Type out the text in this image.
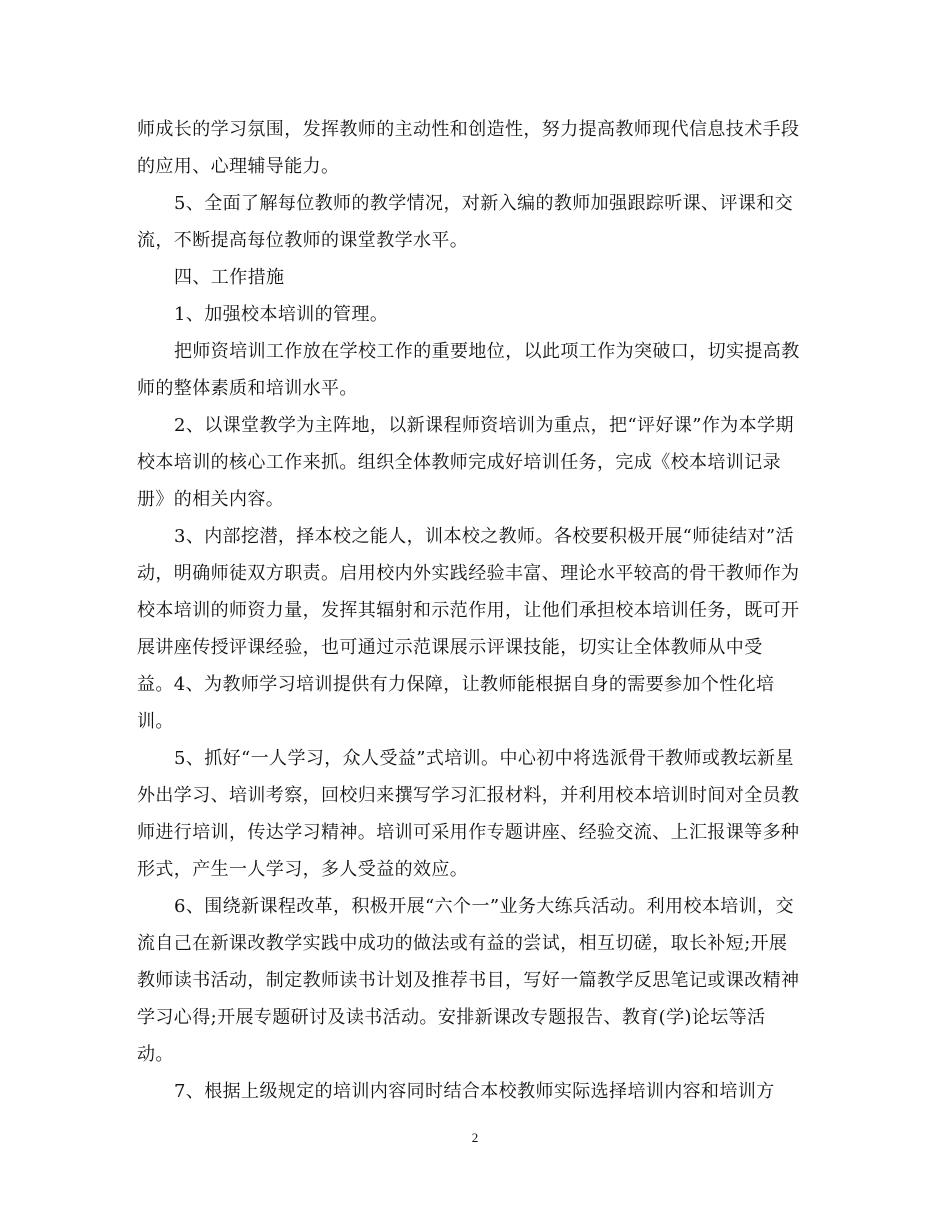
师成长的学习氛围，发挥教师的主动性和创造性，努力提高教师现代信息技术手段
的应用、心理辅导能力。
5、全面了解每位教师的教学情况，对新入编的教师加强跟踪听课、评课和交
流，不断提高每位教师的课堂教学水平。
四、工作措施
1、加强校本培训的管理。
把师资培训工作放在学校工作的重要地位，以此项工作为突破口，切实提高教
师的整体素质和培训水平。
2、以课堂教学为主阵地，以新课程师资培训为重点，把“评好课”作为本学期
校本培训的核心工作来抓。组织全体教师完成好培训任务，完成《校本培训记录
册》的相关内容。
3、内部挖潜，择本校之能人，训本校之教师。各校要积极开展“师徒结对”活
动，明确师徒双方职责。启用校内外实践经验丰富、理论水平较高的骨干教师作为
校本培训的师资力量，发挥其辐射和示范作用，让他们承担校本培训任务，既可开
展讲座传授评课经验，也可通过示范课展示评课技能，切实让全体教师从中受
益。4、为教师学习培训提供有力保障，让教师能根据自身的需要参加个性化培
训。
5、抓好“一人学习，众人受益”式培训。中心初中将选派骨干教师或教坛新星
外出学习、培训考察，回校归来撰写学习汇报材料，并利用校本培训时间对全员教
师进行培训，传达学习精神。培训可采用作专题讲座、经验交流、上汇报课等多种
形式，产生一人学习，多人受益的效应。
6、围绕新课程改革，积极开展“六个一”业务大练兵活动。利用校本培训，交
流自己在新课改教学实践中成功的做法或有益的尝试，相互切磋，取长补短;开展
教师读书活动，制定教师读书计划及推荐书目，写好一篇教学反思笔记或课改精神
学习心得;开展专题研讨及读书活动。安排新课改专题报告、教育(学)论坛等活
动。
7、根据上级规定的培训内容同时结合本校教师实际选择培训内容和培训方
2
